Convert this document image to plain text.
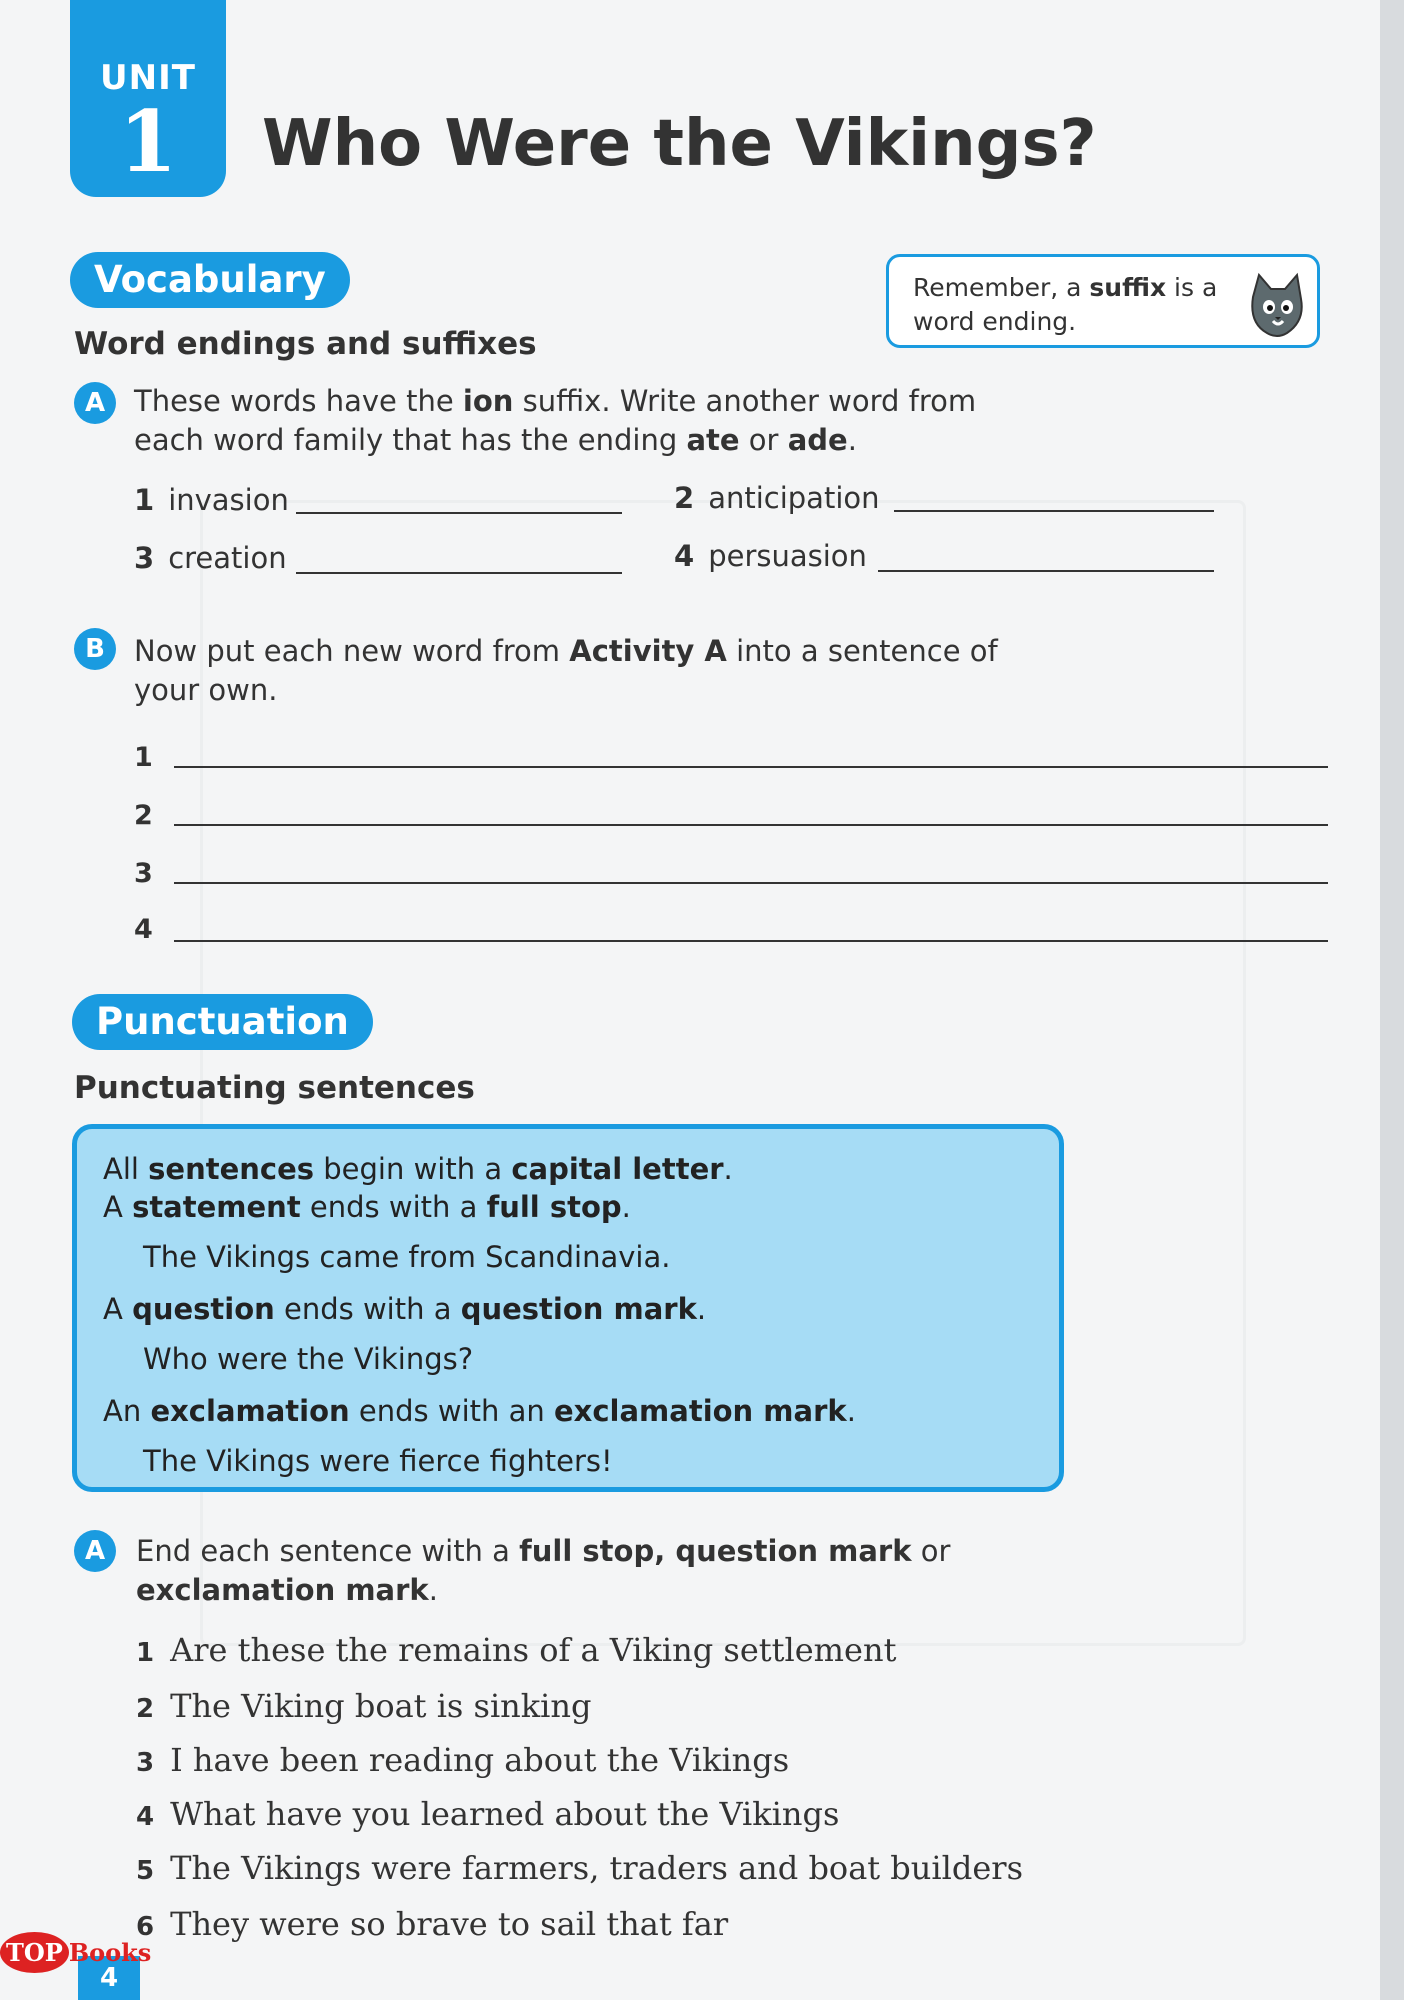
UNIT
1	Who Were the Vikings?
Vocabulary
Word endings and suffixes
Remember, a suffix is a word ending.
A These words have the ion suffix. Write another word from each word family that has the ending ate or ade.
1 invasion	2 anticipation
3 creation	4 persuasion
B	Now put each new word from Activity A into a sentence of your own.
1
2
3
4
Punctuation
Punctuating sentences
All sentences begin with a capital letter.
A statement ends with a full stop.
The Vikings came from Scandinavia.
A question ends with a question mark.
Who were the Vikings?
An exclamation ends with an exclamation mark.
The Vikings were fierce fighters!
A	End each sentence with a full stop, question mark or exclamation mark.
1 Are these the remains of a Viking settlement
2 The Viking boat is sinking
3 I have been reading about the Vikings
4 What have you learned about the Vikings
5 The Vikings were farmers, traders and boat builders
6 They were so brave to sail that far
4
TOP Books
